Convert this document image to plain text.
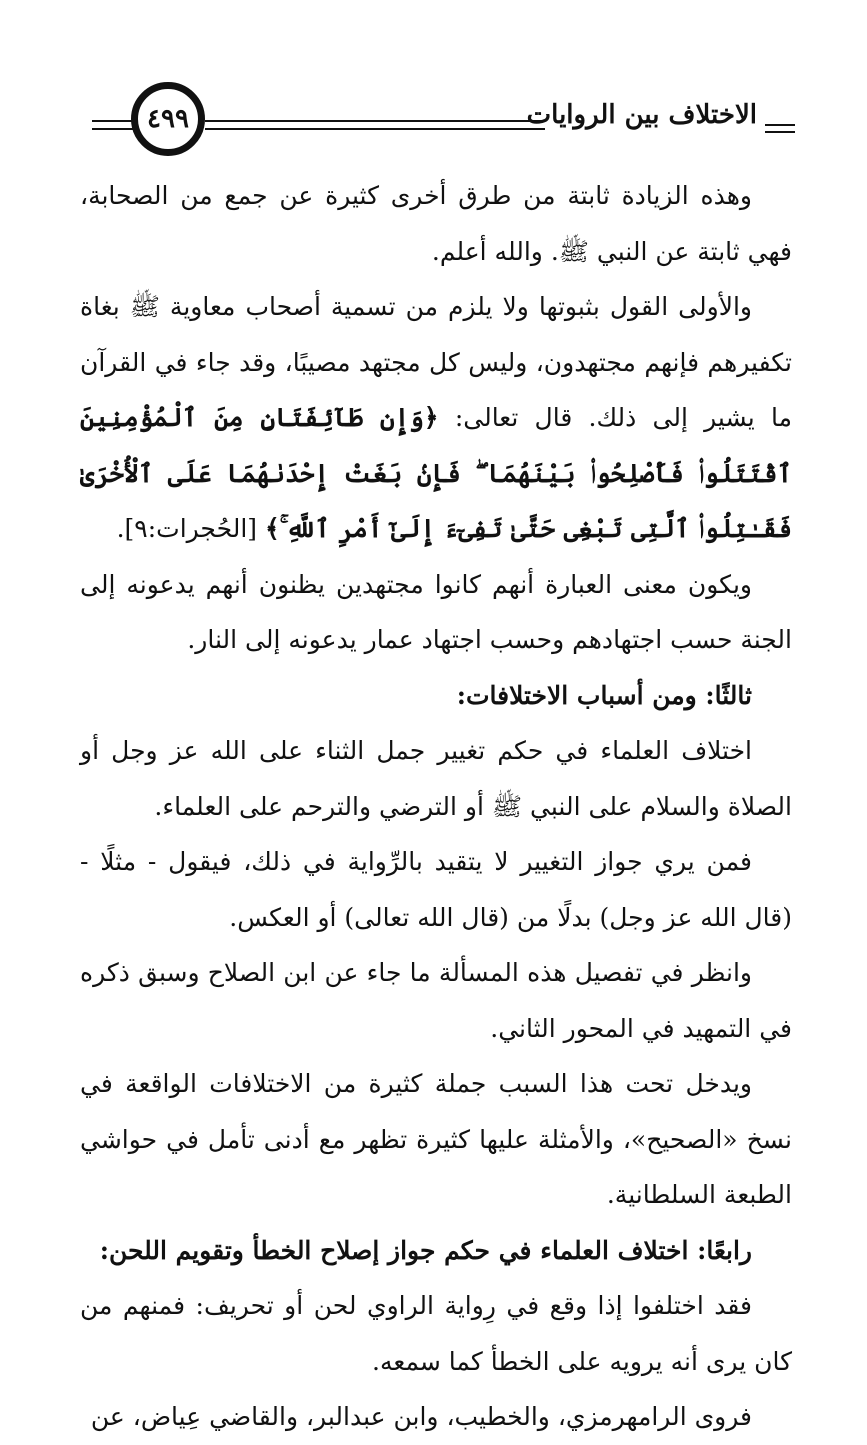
الاختلاف بين الروايات
٤٩٩

وهذه الزيادة ثابتة من طرق أخرى كثيرة عن جمع من الصحابة، فهي ثابتة عن النبي ﷺ. والله أعلم.

والأولى القول بثبوتها ولا يلزم من تسمية أصحاب معاوية ﷺ بغاة تكفيرهم فإنهم مجتهدون، وليس كل مجتهد مصيبًا، وقد جاء في القرآن ما يشير إلى ذلك. قال تعالى: ﴿وَإِن طَآئِفَتَانِ مِنَ ٱلْمُؤْمِنِينَ ٱقْتَتَلُوا۟ فَأَصْلِحُوا۟ بَيْنَهُمَا ۖ فَإِنۢ بَغَتْ إِحْدَىٰهُمَا عَلَى ٱلْأُخْرَىٰ فَقَـٰتِلُوا۟ ٱلَّتِى تَبْغِى حَتَّىٰ تَفِىٓءَ إِلَىٰٓ أَمْرِ ٱللَّهِ ۚ﴾ [الحُجرات:٩].

ويكون معنى العبارة أنهم كانوا مجتهدين يظنون أنهم يدعونه إلى الجنة حسب اجتهادهم وحسب اجتهاد عمار يدعونه إلى النار.

ثالثًا: ومن أسباب الاختلافات:

اختلاف العلماء في حكم تغيير جمل الثناء على الله عز وجل أو الصلاة والسلام على النبي ﷺ أو الترضي والترحم على العلماء.

فمن يري جواز التغيير لا يتقيد بالرِّواية في ذلك، فيقول - مثلًا - (قال الله عز وجل) بدلًا من (قال الله تعالى) أو العكس.

وانظر في تفصيل هذه المسألة ما جاء عن ابن الصلاح وسبق ذكره في التمهيد في المحور الثاني.

ويدخل تحت هذا السبب جملة كثيرة من الاختلافات الواقعة في نسخ «الصحيح»، والأمثلة عليها كثيرة تظهر مع أدنى تأمل في حواشي الطبعة السلطانية.

رابعًا: اختلاف العلماء في حكم جواز إصلاح الخطأ وتقويم اللحن:

فقد اختلفوا إذا وقع في رِواية الراوي لحن أو تحريف: فمنهم من كان يرى أنه يرويه على الخطأ كما سمعه.

فروى الرامهرمزي، والخطيب، وابن عبدالبر، والقاضي عِياض، عن
